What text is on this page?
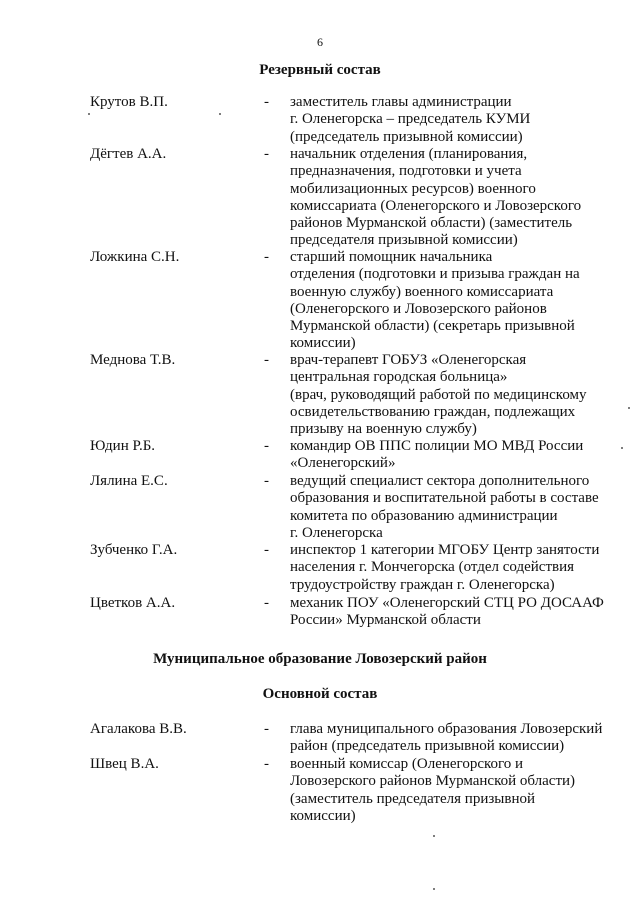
6
Резервный состав
Крутов В.П.	- заместитель главы администрации
г. Оленегорска – председатель КУМИ
(председатель призывной комиссии)
Дёгтев А.А.	- начальник отделения (планирования,
предназначения, подготовки и учета
мобилизационных ресурсов) военного
комиссариата (Оленегорского и Ловозерского
районов Мурманской области) (заместитель
председателя призывной комиссии)
Ложкина С.Н.	- старший помощник начальника
отделения (подготовки и призыва граждан на
военную службу) военного комиссариата
(Оленегорского и Ловозерского районов
Мурманской области) (секретарь призывной
комиссии)
Меднова Т.В.	- врач-терапевт ГОБУЗ «Оленегорская
центральная городская больница»
(врач, руководящий работой по медицинскому
освидетельствованию граждан, подлежащих
призыву на военную службу)
Юдин Р.Б.	- командир ОВ ППС полиции МО МВД России
«Оленегорский»
Лялина Е.С.	- ведущий специалист сектора дополнительного
образования и воспитательной работы в составе
комитета по образованию администрации
г. Оленегорска
Зубченко Г.А.	- инспектор 1 категории МГОБУ Центр занятости
населения г. Мончегорска (отдел содействия
трудоустройству граждан г. Оленегорска)
Цветков А.А.	- механик ПОУ «Оленегорский СТЦ РО ДОСААФ
России» Мурманской области
Муниципальное образование Ловозерский район
Основной состав
Агалакова В.В.	- глава муниципального образования Ловозерский
район (председатель призывной комиссии)
Швец В.А.	- военный комиссар (Оленегорского и
Ловозерского районов Мурманской области)
(заместитель председателя призывной
комиссии)
